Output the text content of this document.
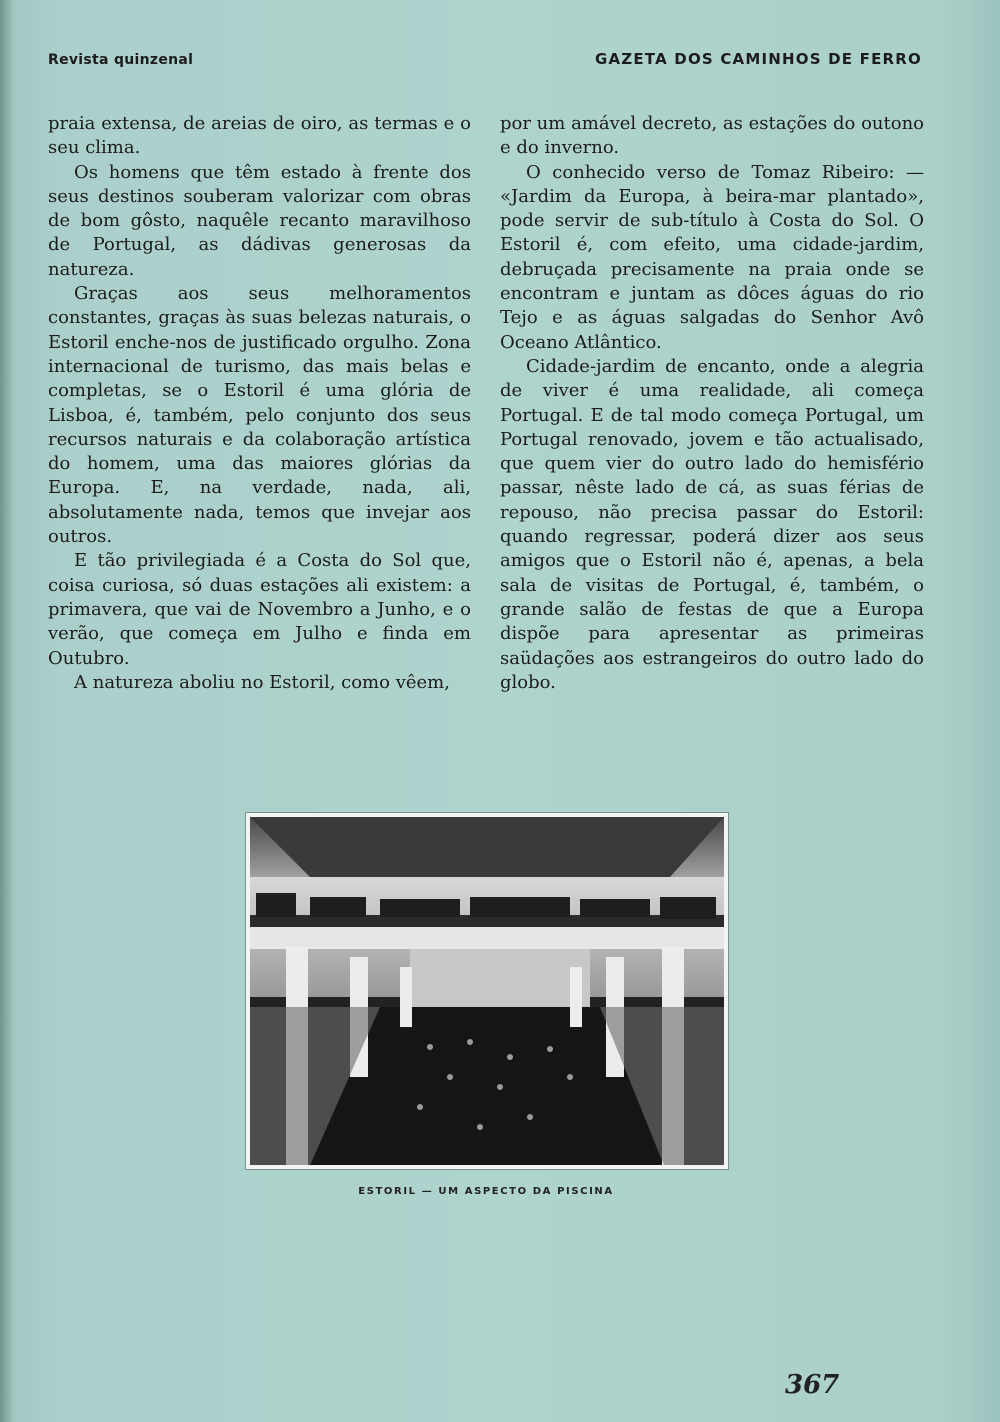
Revista quinzenal	GAZETA DOS CAMINHOS DE FERRO

praia extensa, de areias de oiro, as termas e o seu clima.

Os homens que têm estado à frente dos seus destinos souberam valorizar com obras de bom gôsto, naquêle recanto maravilhoso de Portugal, as dádivas generosas da natureza.

Graças aos seus melhoramentos constantes, graças às suas belezas naturais, o Estoril enche-nos de justificado orgulho. Zona internacional de turismo, das mais belas e completas, se o Estoril é uma glória de Lisboa, é, também, pelo conjunto dos seus recursos naturais e da colaboração artística do homem, uma das maiores glórias da Europa. E, na verdade, nada, ali, absolutamente nada, temos que invejar aos outros.

E tão privilegiada é a Costa do Sol que, coisa curiosa, só duas estações ali existem: a primavera, que vai de Novembro a Junho, e o verão, que começa em Julho e finda em Outubro.

A natureza aboliu no Estoril, como vêem,

por um amável decreto, as estações do outono e do inverno.

O conhecido verso de Tomaz Ribeiro: — «Jardim da Europa, à beira-mar plantado», pode servir de sub-título à Costa do Sol. O Estoril é, com efeito, uma cidade-jardim, debruçada precisamente na praia onde se encontram e juntam as dôces águas do rio Tejo e as águas salgadas do Senhor Avô Oceano Atlântico.

Cidade-jardim de encanto, onde a alegria de viver é uma realidade, ali começa Portugal. E de tal modo começa Portugal, um Portugal renovado, jovem e tão actualisado, que quem vier do outro lado do hemisfério passar, nêste lado de cá, as suas férias de repouso, não precisa passar do Estoril: quando regressar, poderá dizer aos seus amigos que o Estoril não é, apenas, a bela sala de visitas de Portugal, é, também, o grande salão de festas de que a Europa dispõe para apresentar as primeiras saüdações aos estrangeiros do outro lado do globo.

ESTORIL — UM ASPECTO DA PISCINA
367
